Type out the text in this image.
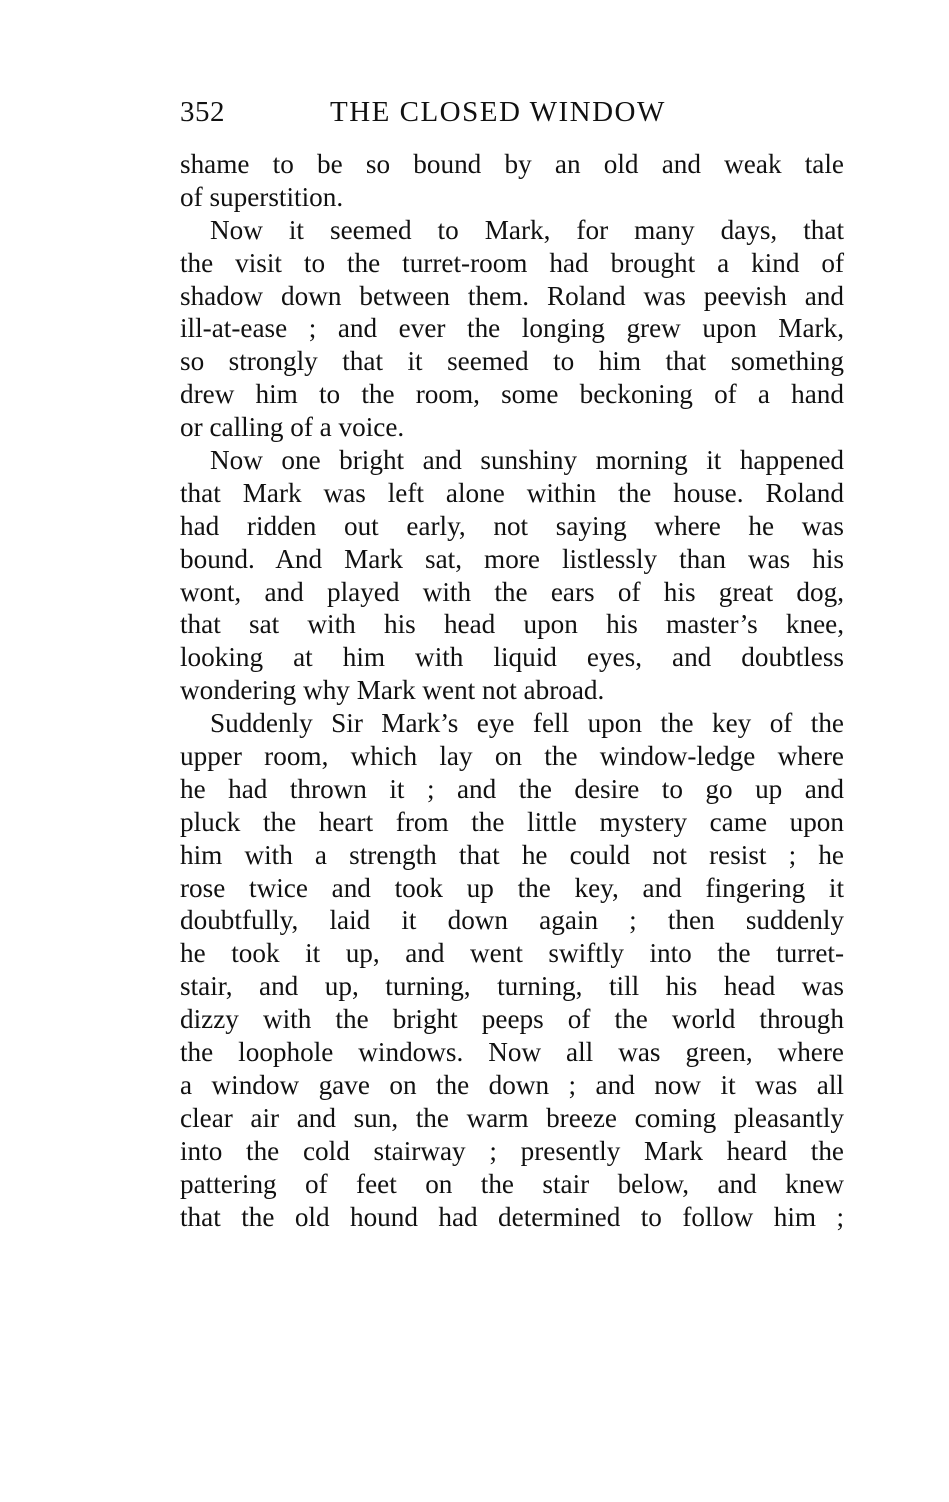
352	THE CLOSED WINDOW
shame to be so bound by an old and weak tale
of superstition.
Now it seemed to Mark, for many days, that
the visit to the turret-room had brought a kind of
shadow down between them. Roland was peevish and
ill-at-ease ; and ever the longing grew upon Mark,
so strongly that it seemed to him that something
drew him to the room, some beckoning of a hand
or calling of a voice.
Now one bright and sunshiny morning it happened
that Mark was left alone within the house. Roland
had ridden out early, not saying where he was
bound. And Mark sat, more listlessly than was his
wont, and played with the ears of his great dog,
that sat with his head upon his master’s knee,
looking at him with liquid eyes, and doubtless
wondering why Mark went not abroad.
Suddenly Sir Mark’s eye fell upon the key of the
upper room, which lay on the window-ledge where
he had thrown it ; and the desire to go up and
pluck the heart from the little mystery came upon
him with a strength that he could not resist ; he
rose twice and took up the key, and fingering it
doubtfully, laid it down again ; then suddenly
he took it up, and went swiftly into the turret-
stair, and up, turning, turning, till his head was
dizzy with the bright peeps of the world through
the loophole windows. Now all was green, where
a window gave on the down ; and now it was all
clear air and sun, the warm breeze coming pleasantly
into the cold stairway ; presently Mark heard the
pattering of feet on the stair below, and knew
that the old hound had determined to follow him ;
